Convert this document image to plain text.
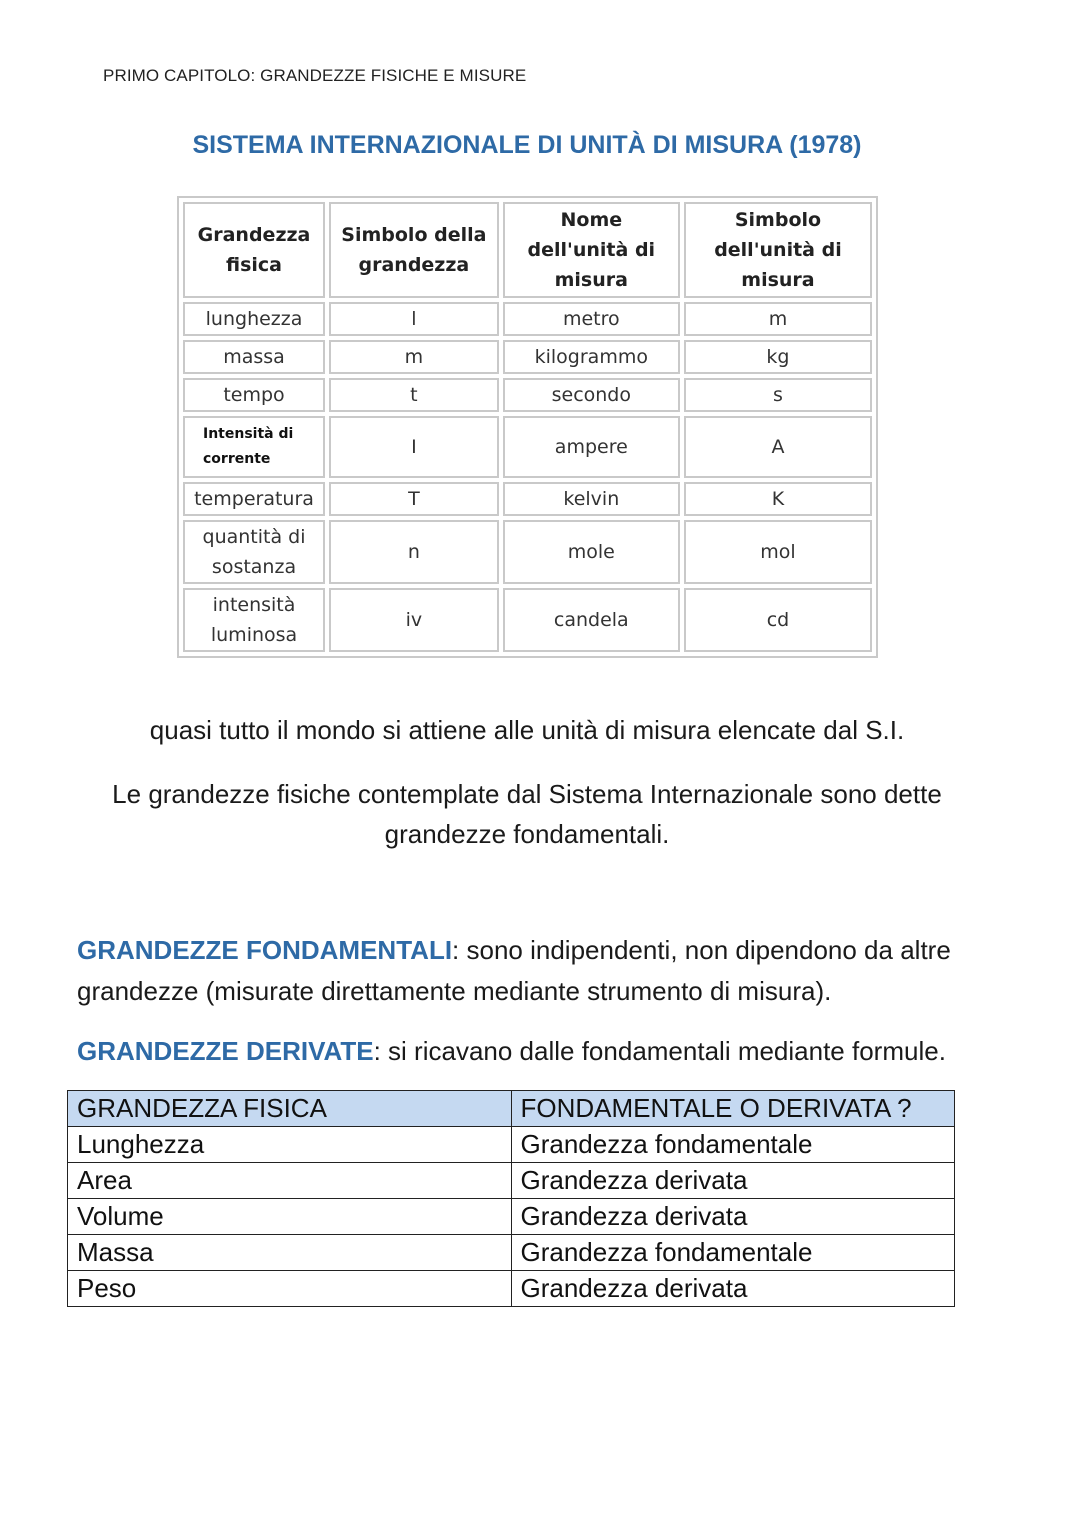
PRIMO CAPITOLO: GRANDEZZE FISICHE E MISURE
SISTEMA INTERNAZIONALE DI UNITÀ DI MISURA (1978)
Grandezza fisica	Simbolo della grandezza	Nome dell'unità di misura	Simbolo dell'unità di misura
lunghezza	l	metro	m
massa	m	kilogrammo	kg
tempo	t	secondo	s
Intensità di corrente	I	ampere	A
temperatura	T	kelvin	K
quantità di sostanza	n	mole	mol
intensità luminosa	iv	candela	cd
quasi tutto il mondo si attiene alle unità di misura elencate dal S.I.
Le grandezze fisiche contemplate dal Sistema Internazionale sono dette grandezze fondamentali.
GRANDEZZE FONDAMENTALI: sono indipendenti, non dipendono da altre grandezze (misurate direttamente mediante strumento di misura).
GRANDEZZE DERIVATE: si ricavano dalle fondamentali mediante formule.
GRANDEZZA FISICA	FONDAMENTALE O DERIVATA ?
Lunghezza	Grandezza fondamentale
Area	Grandezza derivata
Volume	Grandezza derivata
Massa	Grandezza fondamentale
Peso	Grandezza derivata
